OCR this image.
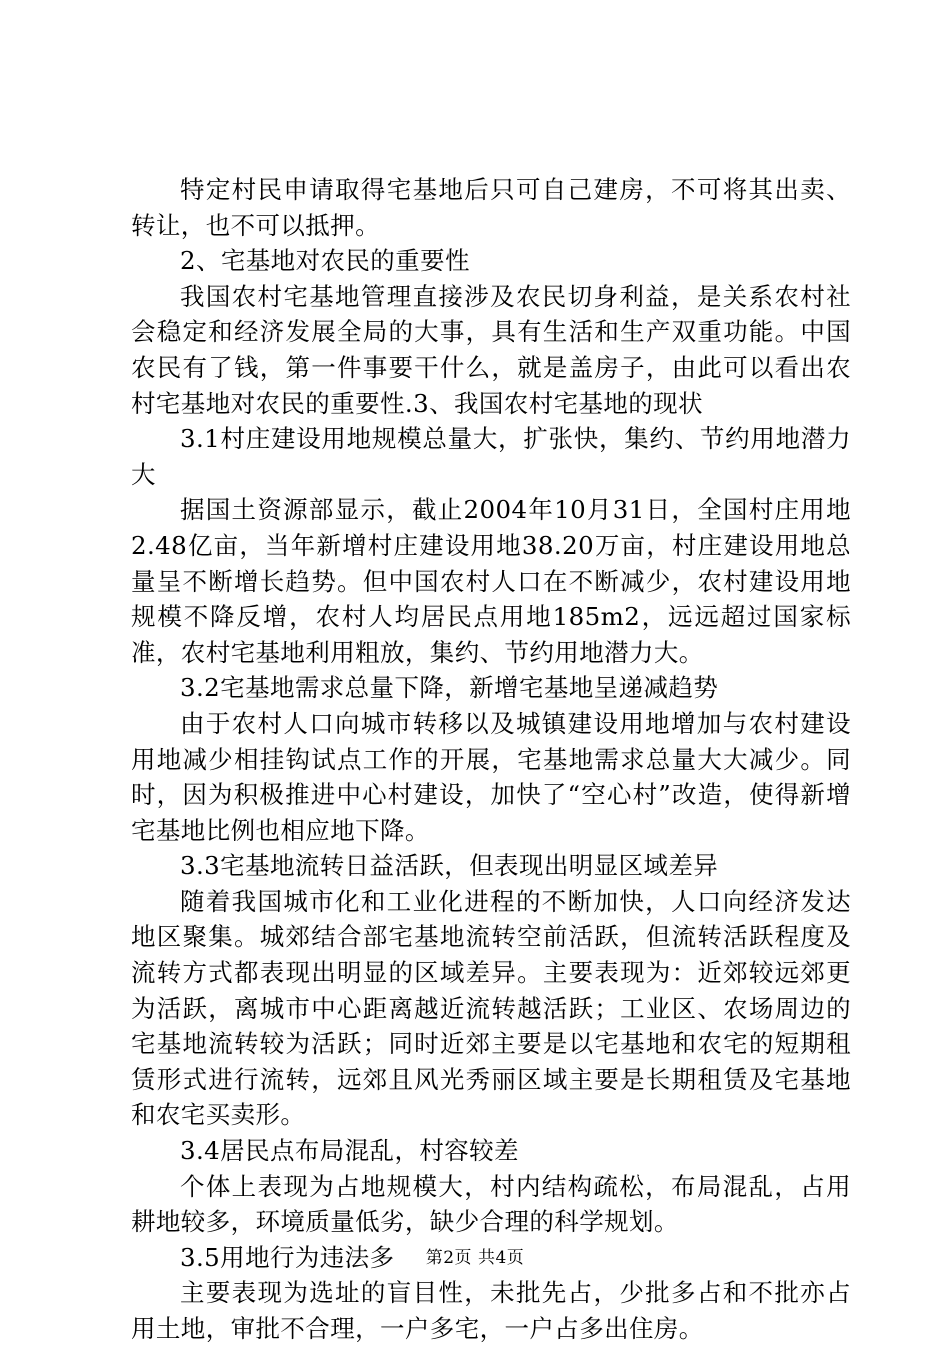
特定村民申请取得宅基地后只可自己建房，不可将其出卖、转让，也不可以抵押。

2、宅基地对农民的重要性

我国农村宅基地管理直接涉及农民切身利益，是关系农村社会稳定和经济发展全局的大事，具有生活和生产双重功能。中国农民有了钱，第一件事要干什么，就是盖房子，由此可以看出农村宅基地对农民的重要性.3、我国农村宅基地的现状

3.1村庄建设用地规模总量大，扩张快，集约、节约用地潜力大

据国土资源部显示，截止2004年10月31日，全国村庄用地2.48亿亩，当年新增村庄建设用地38.20万亩，村庄建设用地总量呈不断增长趋势。但中国农村人口在不断减少，农村建设用地规模不降反增，农村人均居民点用地185m2，远远超过国家标准，农村宅基地利用粗放，集约、节约用地潜力大。

3.2宅基地需求总量下降，新增宅基地呈递减趋势

由于农村人口向城市转移以及城镇建设用地增加与农村建设用地减少相挂钩试点工作的开展，宅基地需求总量大大减少。同时，因为积极推进中心村建设，加快了“空心村”改造，使得新增宅基地比例也相应地下降。

3.3宅基地流转日益活跃，但表现出明显区域差异

随着我国城市化和工业化进程的不断加快，人口向经济发达地区聚集。城郊结合部宅基地流转空前活跃，但流转活跃程度及流转方式都表现出明显的区域差异。主要表现为：近郊较远郊更为活跃，离城市中心距离越近流转越活跃；工业区、农场周边的宅基地流转较为活跃；同时近郊主要是以宅基地和农宅的短期租赁形式进行流转，远郊且风光秀丽区域主要是长期租赁及宅基地和农宅买卖形。

3.4居民点布局混乱，村容较差

个体上表现为占地规模大，村内结构疏松，布局混乱，占用耕地较多，环境质量低劣，缺少合理的科学规划。

3.5用地行为违法多

主要表现为选址的盲目性，未批先占，少批多占和不批亦占用土地，审批不合理，一户多宅，一户占多出住房。

第2页 共4页
